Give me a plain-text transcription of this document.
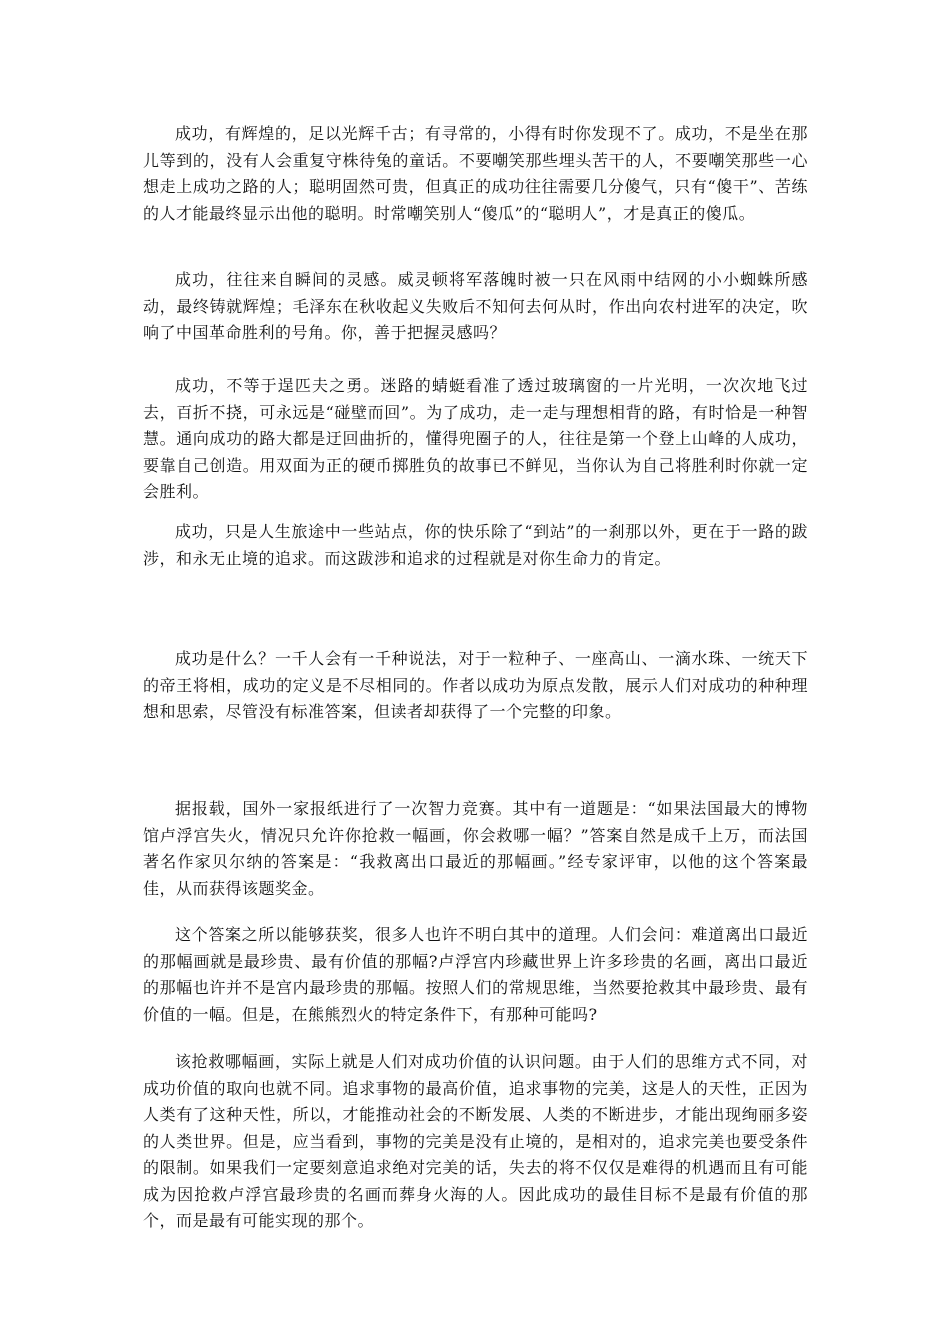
成功，有辉煌的，足以光辉千古；有寻常的，小得有时你发现不了。成功，不是坐在那儿等到的，没有人会重复守株待兔的童话。不要嘲笑那些埋头苦干的人，不要嘲笑那些一心想走上成功之路的人；聪明固然可贵，但真正的成功往往需要几分傻气，只有“傻干”、苦练的人才能最终显示出他的聪明。时常嘲笑别人“傻瓜”的“聪明人”，才是真正的傻瓜。

成功，往往来自瞬间的灵感。威灵顿将军落魄时被一只在风雨中结网的小小蜘蛛所感动，最终铸就辉煌；毛泽东在秋收起义失败后不知何去何从时，作出向农村进军的决定，吹响了中国革命胜利的号角。你，善于把握灵感吗？

成功，不等于逞匹夫之勇。迷路的蜻蜓看准了透过玻璃窗的一片光明，一次次地飞过去，百折不挠，可永远是“碰壁而回”。为了成功，走一走与理想相背的路，有时恰是一种智慧。通向成功的路大都是迂回曲折的，懂得兜圈子的人，往往是第一个登上山峰的人成功，要靠自己创造。用双面为正的硬币掷胜负的故事已不鲜见，当你认为自己将胜利时你就一定会胜利。

成功，只是人生旅途中一些站点，你的快乐除了“到站”的一刹那以外，更在于一路的跋涉，和永无止境的追求。而这跋涉和追求的过程就是对你生命力的肯定。

成功是什么？一千人会有一千种说法，对于一粒种子、一座高山、一滴水珠、一统天下的帝王将相，成功的定义是不尽相同的。作者以成功为原点发散，展示人们对成功的种种理想和思索，尽管没有标准答案，但读者却获得了一个完整的印象。

据报载，国外一家报纸进行了一次智力竞赛。其中有一道题是：“如果法国最大的博物馆卢浮宫失火，情况只允许你抢救一幅画，你会救哪一幅？”答案自然是成千上万，而法国著名作家贝尔纳的答案是：“我救离出口最近的那幅画。”经专家评审，以他的这个答案最佳，从而获得该题奖金。

这个答案之所以能够获奖，很多人也许不明白其中的道理。人们会问：难道离出口最近的那幅画就是最珍贵、最有价值的那幅?卢浮宫内珍藏世界上许多珍贵的名画，离出口最近的那幅也许并不是宫内最珍贵的那幅。按照人们的常规思维，当然要抢救其中最珍贵、最有价值的一幅。但是，在熊熊烈火的特定条件下，有那种可能吗?

该抢救哪幅画，实际上就是人们对成功价值的认识问题。由于人们的思维方式不同，对成功价值的取向也就不同。追求事物的最高价值，追求事物的完美，这是人的天性，正因为人类有了这种天性，所以，才能推动社会的不断发展、人类的不断进步，才能出现绚丽多姿的人类世界。但是，应当看到，事物的完美是没有止境的，是相对的，追求完美也要受条件的限制。如果我们一定要刻意追求绝对完美的话，失去的将不仅仅是难得的机遇而且有可能成为因抢救卢浮宫最珍贵的名画而葬身火海的人。因此成功的最佳目标不是最有价值的那个，而是最有可能实现的那个。
